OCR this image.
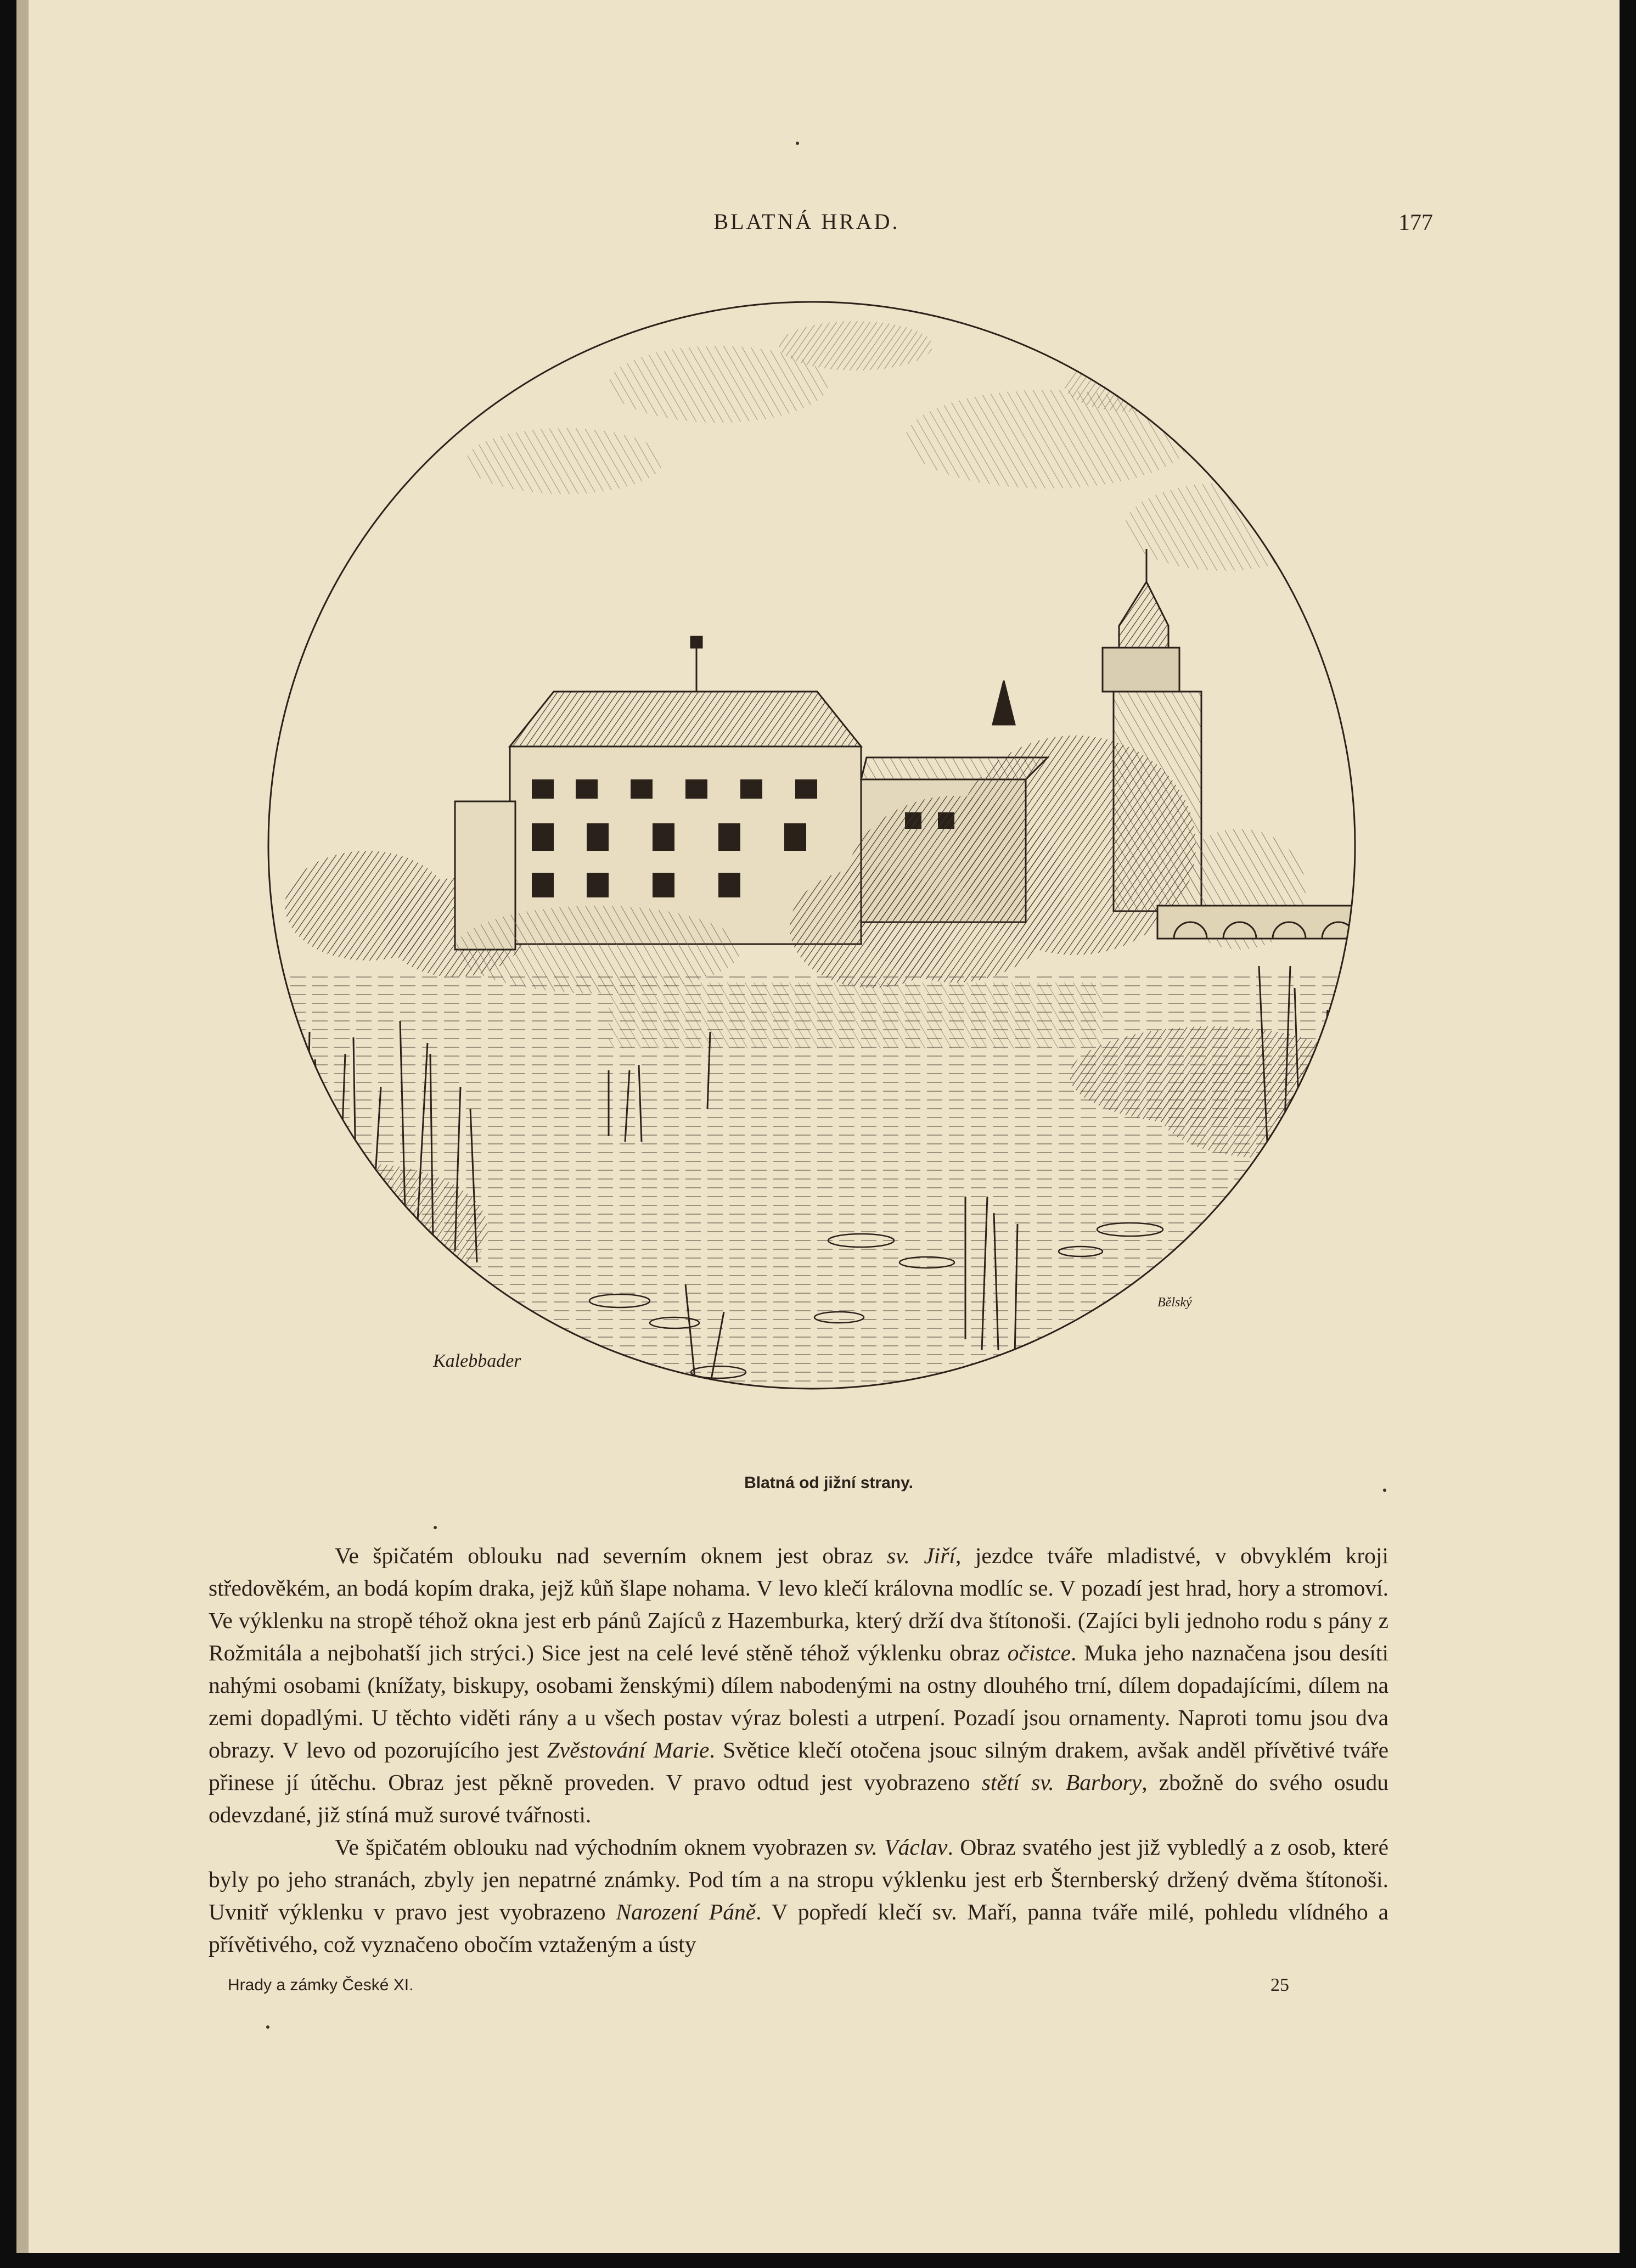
BLATNÁ HRAD.	177
Kalebbader
Bělský
Blatná od jižní strany.

Ve špičatém oblouku nad severním oknem jest obraz sv. Jiří, jezdce tváře mladistvé, v obvyklém kroji středověkém, an bodá kopím draka, jejž kůň šlape nohama. V levo klečí královna modlíc se. V pozadí jest hrad, hory a stromoví. Ve výklenku na stropě téhož okna jest erb pánů Zajíců z Hazemburka, který drží dva štítonoši. (Zajíci byli jednoho rodu s pány z Rožmitála a nejbohatší jich strýci.) Sice jest na celé levé stěně téhož výklenku obraz očistce. Muka jeho naznačena jsou desíti nahými osobami (knížaty, biskupy, osobami ženskými) dílem nabodenými na ostny dlouhého trní, dílem dopadajícími, dílem na zemi dopadlými. U těchto viděti rány a u všech postav výraz bolesti a utrpení. Pozadí jsou ornamenty. Naproti tomu jsou dva obrazy. V levo od pozorujícího jest Zvěstování Marie. Světice klečí otočena jsouc silným drakem, avšak anděl přívětivé tváře přinese jí útěchu. Obraz jest pěkně proveden. V pravo odtud jest vyobrazeno stětí sv. Barbory, zbožně do svého osudu odevzdané, již stíná muž surové tvářnosti.

Ve špičatém oblouku nad východním oknem vyobrazen sv. Václav. Obraz svatého jest již vybledlý a z osob, které byly po jeho stranách, zbyly jen nepatrné známky. Pod tím a na stropu výklenku jest erb Šternberský držený dvěma štítonoši. Uvnitř výklenku v pravo jest vyobrazeno Narození Páně. V popředí klečí sv. Maří, panna tváře milé, pohledu vlídného a přívětivého, což vyznačeno obočím vztaženým a ústy

Hrady a zámky České XI.	25
